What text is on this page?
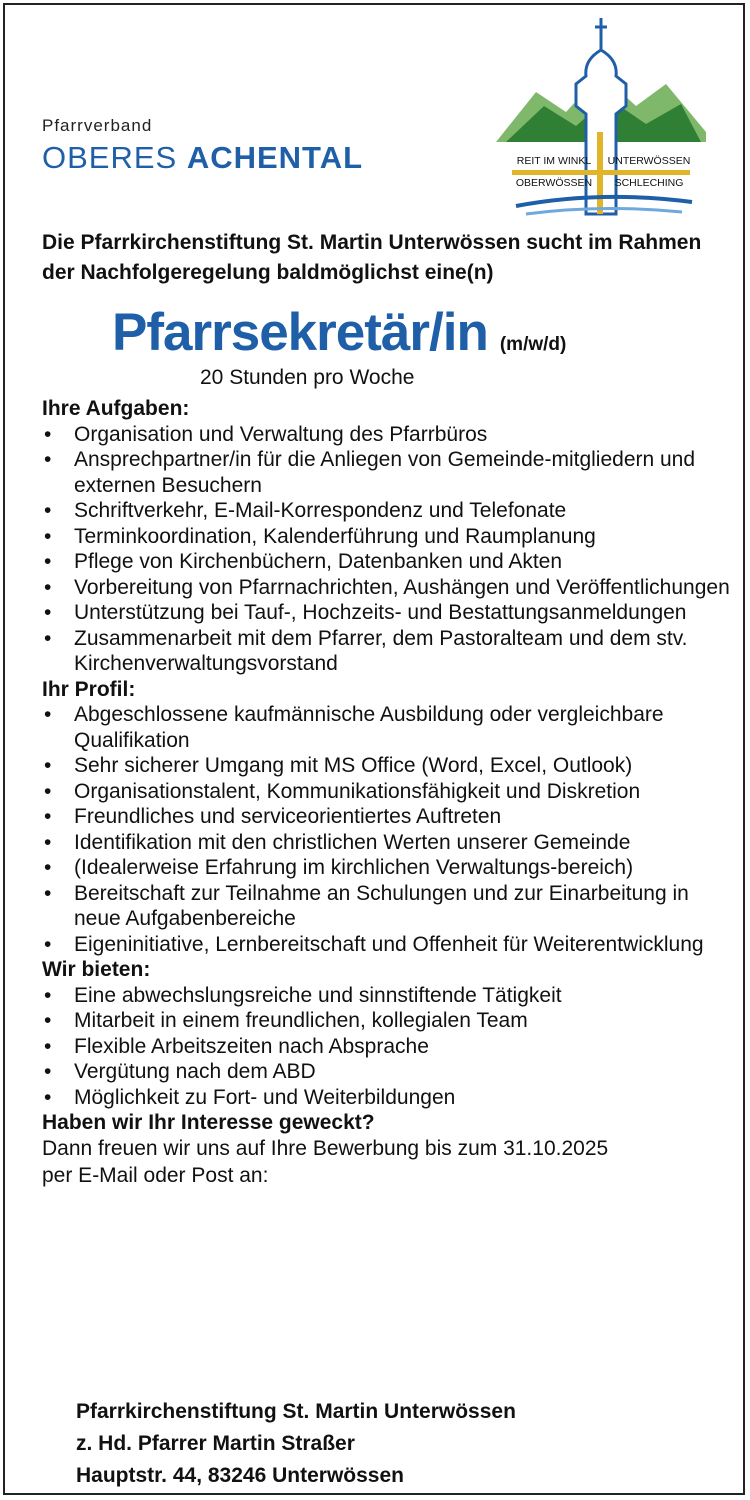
Pfarrverband
OBERES ACHENTAL	REIT IM WINKL UNTERWÖSSEN
OBERWÖSSEN SCHLECHING
Die Pfarrkirchenstiftung St. Martin Unterwössen sucht im Rahmen der Nachfolgeregelung baldmöglichst eine(n)
Pfarrsekretär/in (m/w/d)
20 Stunden pro Woche
Ihre Aufgaben:
• Organisation und Verwaltung des Pfarrbüros
• Ansprechpartner/in für die Anliegen von Gemeinde-mitgliedern und externen Besuchern
• Schriftverkehr, E-Mail-Korrespondenz und Telefonate
• Terminkoordination, Kalenderführung und Raumplanung
• Pflege von Kirchenbüchern, Datenbanken und Akten
• Vorbereitung von Pfarrnachrichten, Aushängen und Veröffentlichungen
• Unterstützung bei Tauf-, Hochzeits- und Bestattungsanmeldungen
• Zusammenarbeit mit dem Pfarrer, dem Pastoralteam und dem stv. Kirchenverwaltungsvorstand
Ihr Profil:
• Abgeschlossene kaufmännische Ausbildung oder vergleichbare Qualifikation
• Sehr sicherer Umgang mit MS Office (Word, Excel, Outlook)
• Organisationstalent, Kommunikationsfähigkeit und Diskretion
• Freundliches und serviceorientiertes Auftreten
• Identifikation mit den christlichen Werten unserer Gemeinde
• (Idealerweise Erfahrung im kirchlichen Verwaltungs-bereich)
• Bereitschaft zur Teilnahme an Schulungen und zur Einarbeitung in neue Aufgabenbereiche
• Eigeninitiative, Lernbereitschaft und Offenheit für Weiterentwicklung
Wir bieten:
• Eine abwechslungsreiche und sinnstiftende Tätigkeit
• Mitarbeit in einem freundlichen, kollegialen Team
• Flexible Arbeitszeiten nach Absprache
• Vergütung nach dem ABD
• Möglichkeit zu Fort- und Weiterbildungen
Haben wir Ihr Interesse geweckt?
Dann freuen wir uns auf Ihre Bewerbung bis zum 31.10.2025
per E-Mail oder Post an:
Pfarrkirchenstiftung St. Martin Unterwössen
z. Hd. Pfarrer Martin Straßer
Hauptstr. 44, 83246 Unterwössen
